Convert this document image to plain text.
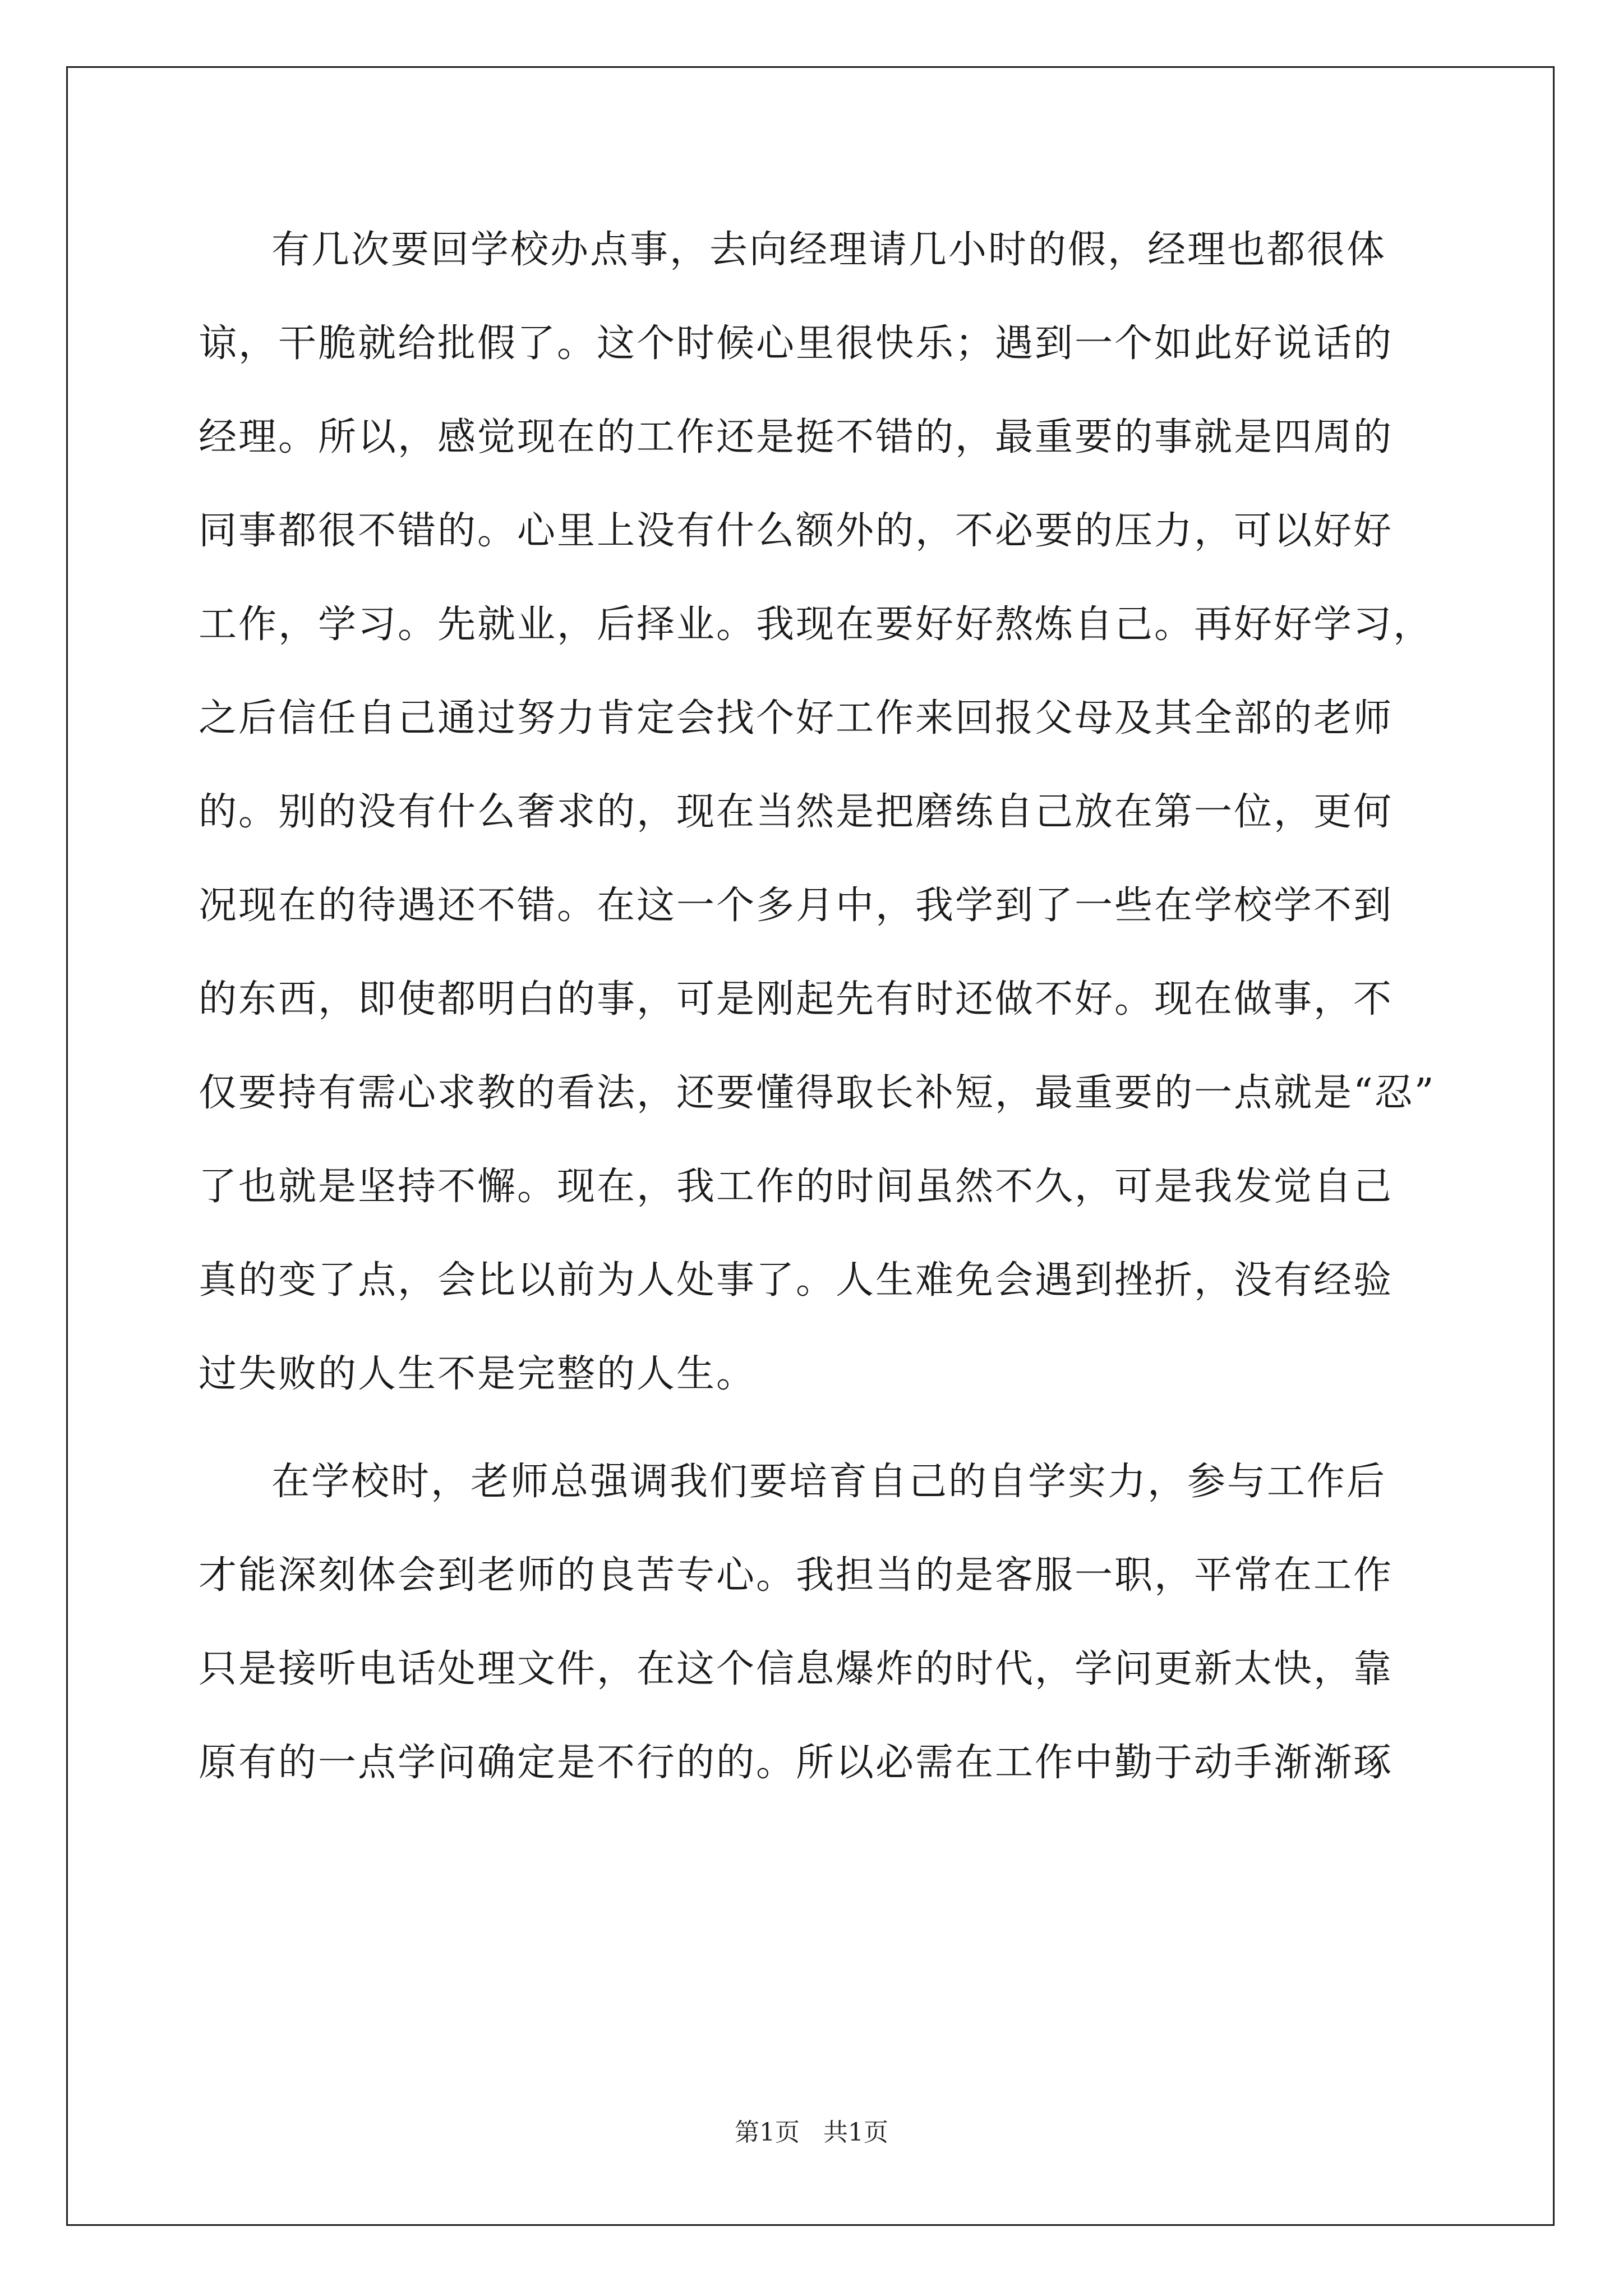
有几次要回学校办点事，去向经理请几小时的假，经理也都很体
谅，干脆就给批假了。这个时候心里很快乐；遇到一个如此好说话的
经理。所以，感觉现在的工作还是挺不错的，最重要的事就是四周的
同事都很不错的。心里上没有什么额外的，不必要的压力，可以好好
工作，学习。先就业，后择业。我现在要好好熬炼自己。再好好学习，
之后信任自己通过努力肯定会找个好工作来回报父母及其全部的老师
的。别的没有什么奢求的，现在当然是把磨练自己放在第一位，更何
况现在的待遇还不错。在这一个多月中，我学到了一些在学校学不到
的东西，即使都明白的事，可是刚起先有时还做不好。现在做事，不
仅要持有需心求教的看法，还要懂得取长补短，最重要的一点就是“忍”
了也就是坚持不懈。现在，我工作的时间虽然不久，可是我发觉自己
真的变了点，会比以前为人处事了。人生难免会遇到挫折，没有经验
过失败的人生不是完整的人生。
在学校时，老师总强调我们要培育自己的自学实力，参与工作后
才能深刻体会到老师的良苦专心。我担当的是客服一职，平常在工作
只是接听电话处理文件，在这个信息爆炸的时代，学问更新太快，靠
原有的一点学问确定是不行的的。所以必需在工作中勤于动手渐渐琢
第1页   共1页
